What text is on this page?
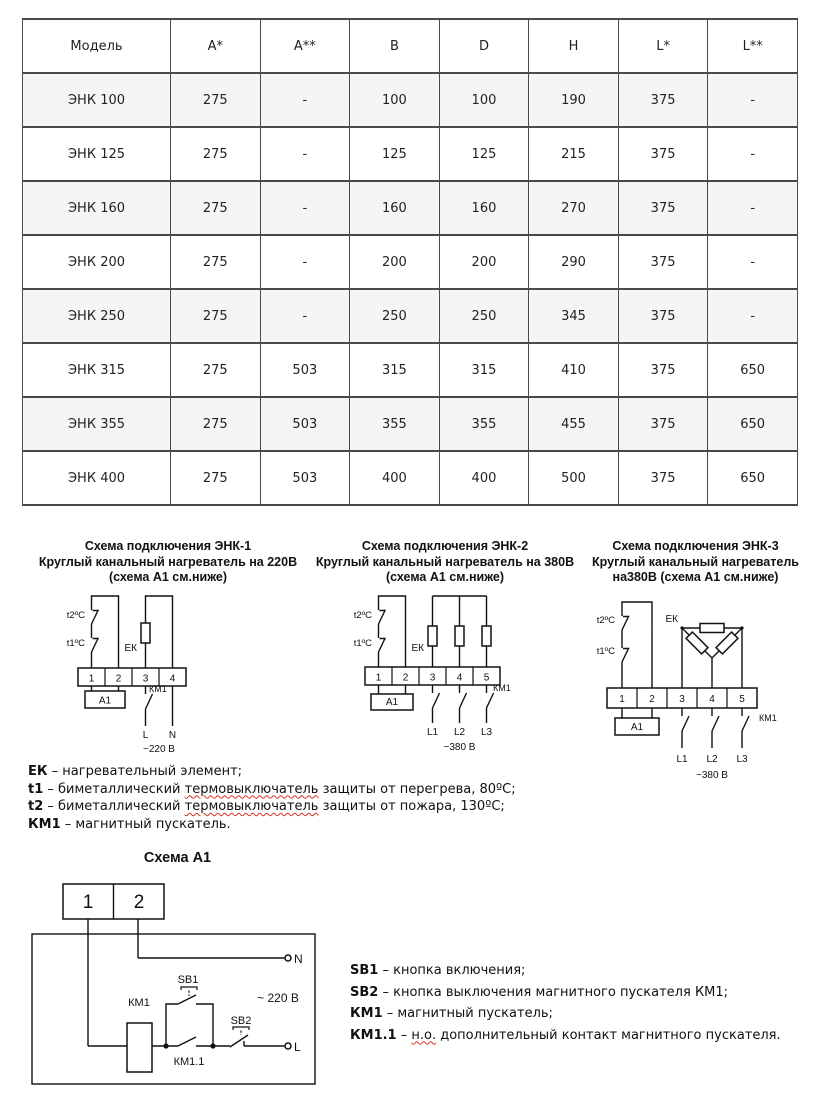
Модель	A*	A**	B	D	H	L*	L**
ЭНК 100	275	-	100	100	190	375	-
ЭНК 125	275	-	125	125	215	375	-
ЭНК 160	275	-	160	160	270	375	-
ЭНК 200	275	-	200	200	290	375	-
ЭНК 250	275	-	250	250	345	375	-
ЭНК 315	275	503	315	315	410	375	650
ЭНК 355	275	503	355	355	455	375	650
ЭНК 400	275	503	400	400	500	375	650
Схема подключения ЭНК-1
Круглый канальный нагреватель на 220В
(схема А1 см.ниже)
Схема подключения ЭНК-2
Круглый канальный нагреватель на 380В
(схема А1 см.ниже)
Схема подключения ЭНК-3
Круглый канальный нагреватель
на380В (схема А1 см.ниже)
t2ºC
t1ºC	ЕК
1 2 3 4
А1
КМ1
L N
~220 В
t2ºC
t1ºC	ЕК
1 2 3 4 5
А1
КМ1
L1 L2 L3
~380 В
t2ºC
t1ºC
ЕК
1 2 3 4 5
А1
КМ1
L1 L2 L3
~380 В
ЕК – нагревательный элемент;
t1 – биметаллический термовыключатель защиты от перегрева, 80ºС;
t2 – биметаллический термовыключатель защиты от пожара, 130ºС;
КМ1 – магнитный пускатель.
Схема А1
1 2
КМ1
SB1
SB2
КМ1.1
N
L
~ 220 В
SB1 – кнопка включения;
SB2 – кнопка выключения магнитного пускателя КМ1;
КМ1 – магнитный пускатель;
КМ1.1 – н.о. дополнительный контакт магнитного пускателя.
